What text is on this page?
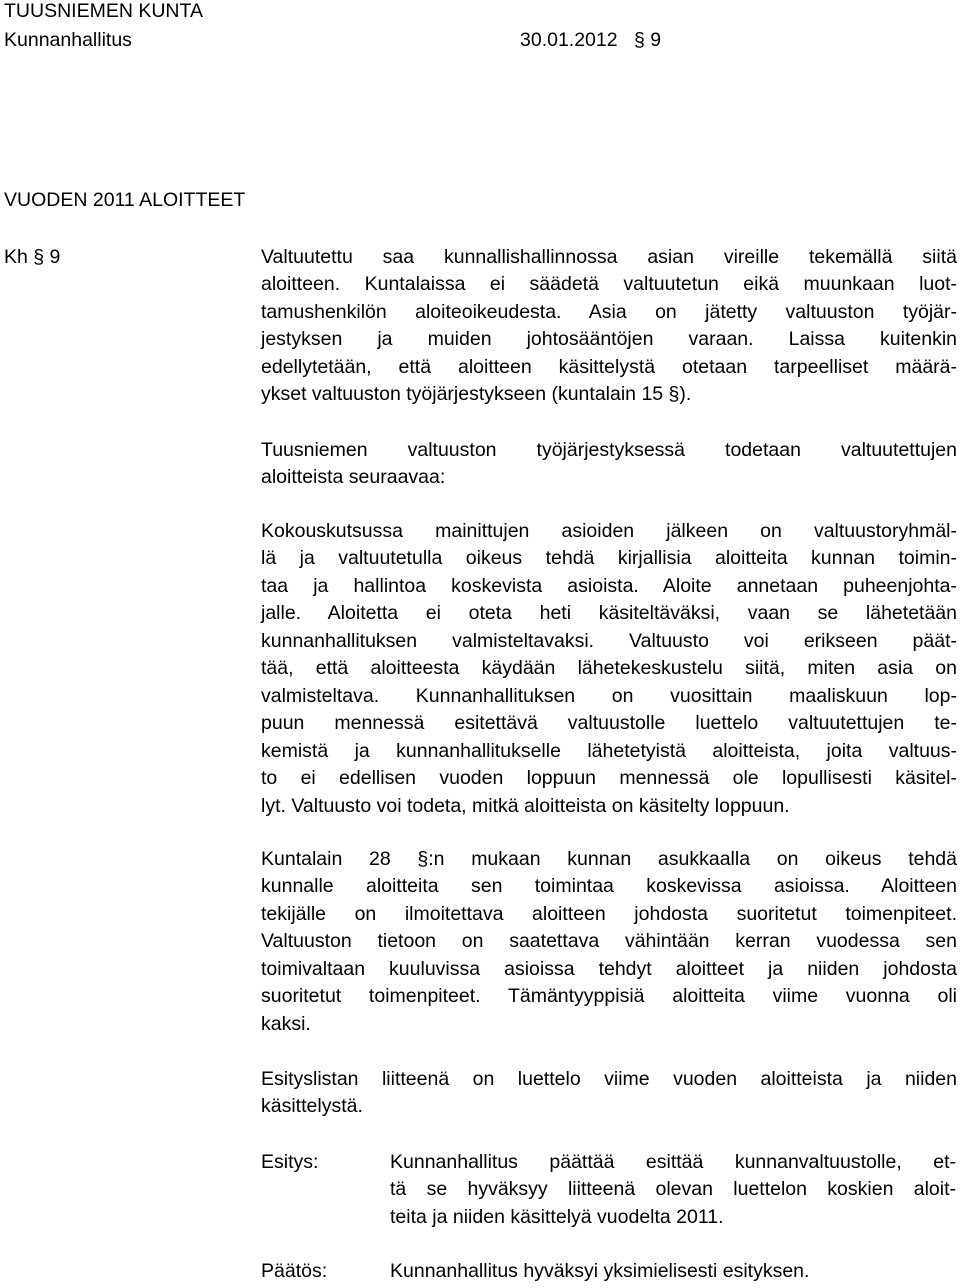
TUUSNIEMEN KUNTA
Kunnanhallitus	30.01.2012 § 9
VUODEN 2011 ALOITTEET
Kh § 9	Valtuutettu saa kunnallishallinnossa asian vireille tekemällä siitä
aloitteen. Kuntalaissa ei säädetä valtuutetun eikä muunkaan luot-
tamushenkilön aloiteoikeudesta. Asia on jätetty valtuuston työjär-
jestyksen ja muiden johtosääntöjen varaan. Laissa kuitenkin
edellytetään, että aloitteen käsittelystä otetaan tarpeelliset määrä-
ykset valtuuston työjärjestykseen (kuntalain 15 §).
Tuusniemen valtuuston työjärjestyksessä todetaan valtuutettujen
aloitteista seuraavaa:
Kokouskutsussa mainittujen asioiden jälkeen on valtuustoryhmäl-
lä ja valtuutetulla oikeus tehdä kirjallisia aloitteita kunnan toimin-
taa ja hallintoa koskevista asioista. Aloite annetaan puheenjohta-
jalle. Aloitetta ei oteta heti käsiteltäväksi, vaan se lähetetään
kunnanhallituksen valmisteltavaksi. Valtuusto voi erikseen päät-
tää, että aloitteesta käydään lähetekeskustelu siitä, miten asia on
valmisteltava. Kunnanhallituksen on vuosittain maaliskuun lop-
puun mennessä esitettävä valtuustolle luettelo valtuutettujen te-
kemistä ja kunnanhallitukselle lähetetyistä aloitteista, joita valtuus-
to ei edellisen vuoden loppuun mennessä ole lopullisesti käsitel-
lyt. Valtuusto voi todeta, mitkä aloitteista on käsitelty loppuun.
Kuntalain 28 §:n mukaan kunnan asukkaalla on oikeus tehdä
kunnalle aloitteita sen toimintaa koskevissa asioissa. Aloitteen
tekijälle on ilmoitettava aloitteen johdosta suoritetut toimenpiteet.
Valtuuston tietoon on saatettava vähintään kerran vuodessa sen
toimivaltaan kuuluvissa asioissa tehdyt aloitteet ja niiden johdosta
suoritetut toimenpiteet. Tämäntyyppisiä aloitteita viime vuonna oli
kaksi.
Esityslistan liitteenä on luettelo viime vuoden aloitteista ja niiden
käsittelystä.
Esitys:	Kunnanhallitus päättää esittää kunnanvaltuustolle, et-
tä se hyväksyy liitteenä olevan luettelon koskien aloit-
teita ja niiden käsittelyä vuodelta 2011.
Päätös:	Kunnanhallitus hyväksyi yksimielisesti esityksen.
